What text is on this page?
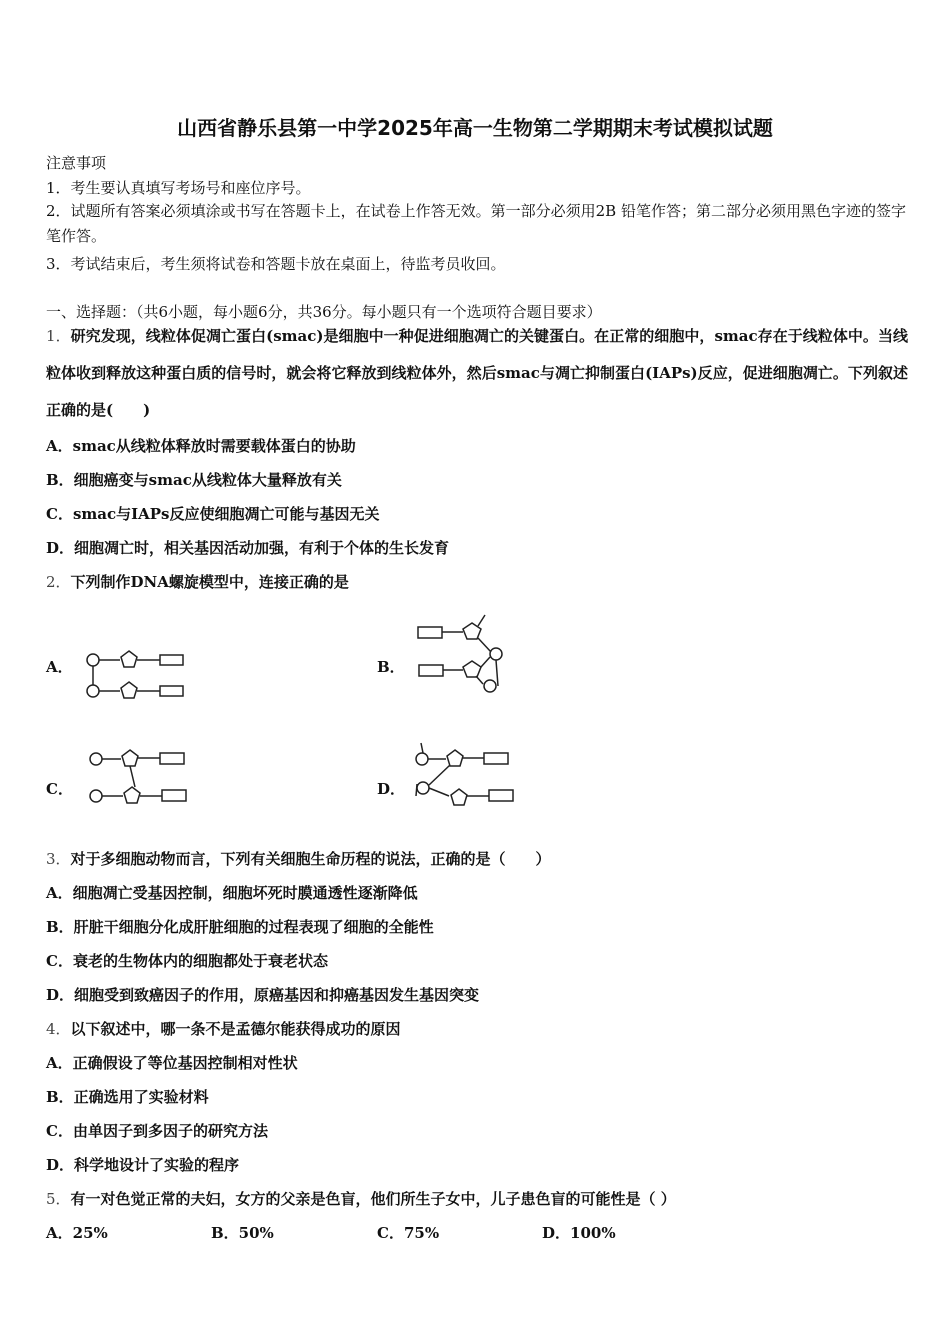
山西省静乐县第一中学2025年高一生物第二学期期末考试模拟试题
注意事项
1．考生要认真填写考场号和座位序号。
2．试题所有答案必须填涂或书写在答题卡上，在试卷上作答无效。第一部分必须用2B 铅笔作答；第二部分必须用黑色字迹的签字笔作答。
3．考试结束后，考生须将试卷和答题卡放在桌面上，待监考员收回。
一、选择题：（共6小题，每小题6分，共36分。每小题只有一个选项符合题目要求）
1．研究发现，线粒体促凋亡蛋白(smac)是细胞中一种促进细胞凋亡的关键蛋白。在正常的细胞中，smac存在于线粒体中。当线粒体收到释放这种蛋白质的信号时，就会将它释放到线粒体外，然后smac与凋亡抑制蛋白(IAPs)反应，促进细胞凋亡。下列叙述正确的是(　　)
A．smac从线粒体释放时需要载体蛋白的协助
B．细胞癌变与smac从线粒体大量释放有关
C．smac与IAPs反应使细胞凋亡可能与基因无关
D．细胞凋亡时，相关基因活动加强，有利于个体的生长发育
2．下列制作DNA螺旋模型中，连接正确的是
A．	B．
C．	D．
3．对于多细胞动物而言，下列有关细胞生命历程的说法，正确的是（　　）
A．细胞凋亡受基因控制，细胞坏死时膜通透性逐渐降低
B．肝脏干细胞分化成肝脏细胞的过程表现了细胞的全能性
C．衰老的生物体内的细胞都处于衰老状态
D．细胞受到致癌因子的作用，原癌基因和抑癌基因发生基因突变
4．以下叙述中，哪一条不是孟德尔能获得成功的原因
A．正确假设了等位基因控制相对性状
B．正确选用了实验材料
C．由单因子到多因子的研究方法
D．科学地设计了实验的程序
5．有一对色觉正常的夫妇，女方的父亲是色盲，他们所生子女中，儿子患色盲的可能性是（ ）
A．25%	B．50%	C．75%	D．100%
